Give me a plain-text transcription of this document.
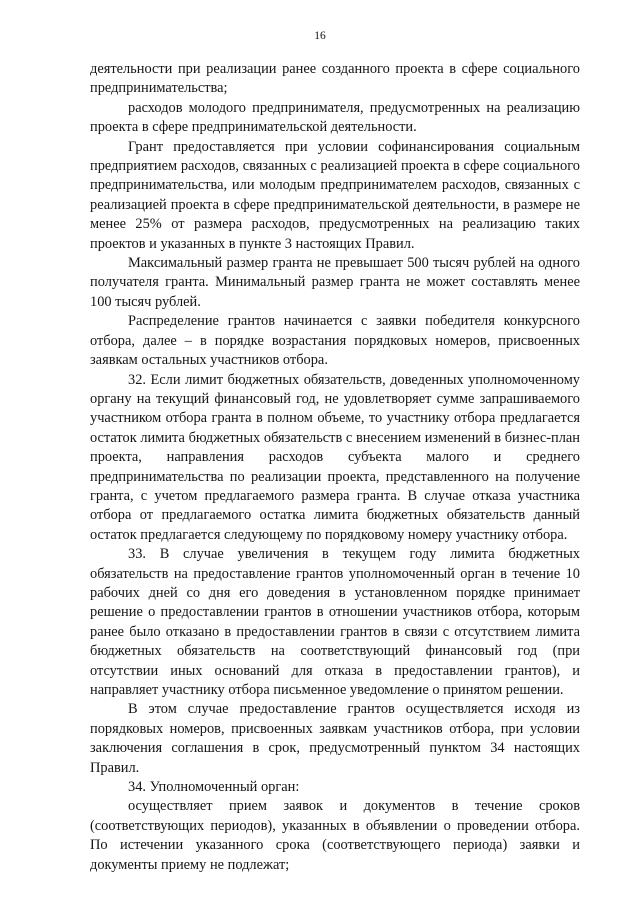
16

деятельности при реализации ранее созданного проекта в сфере социального предпринимательства;

расходов молодого предпринимателя, предусмотренных на реализацию проекта в сфере предпринимательской деятельности.

Грант предоставляется при условии софинансирования социальным предприятием расходов, связанных с реализацией проекта в сфере социального предпринимательства, или молодым предпринимателем расходов, связанных с реализацией проекта в сфере предпринимательской деятельности, в размере не менее 25% от размера расходов, предусмотренных на реализацию таких проектов и указанных в пункте 3 настоящих Правил.

Максимальный размер гранта не превышает 500 тысяч рублей на одного получателя гранта. Минимальный размер гранта не может составлять менее 100 тысяч рублей.

Распределение грантов начинается с заявки победителя конкурсного отбора, далее – в порядке возрастания порядковых номеров, присвоенных заявкам остальных участников отбора.

32. Если лимит бюджетных обязательств, доведенных уполномоченному органу на текущий финансовый год, не удовлетворяет сумме запрашиваемого участником отбора гранта в полном объеме, то участнику отбора предлагается остаток лимита бюджетных обязательств с внесением изменений в бизнес-план проекта, направления расходов субъекта малого и среднего предпринимательства по реализации проекта, представленного на получение гранта, с учетом предлагаемого размера гранта. В случае отказа участника отбора от предлагаемого остатка лимита бюджетных обязательств данный остаток предлагается следующему по порядковому номеру участнику отбора.

33. В случае увеличения в текущем году лимита бюджетных обязательств на предоставление грантов уполномоченный орган в течение 10 рабочих дней со дня его доведения в установленном порядке принимает решение о предоставлении грантов в отношении участников отбора, которым ранее было отказано в предоставлении грантов в связи с отсутствием лимита бюджетных обязательств на соответствующий финансовый год (при отсутствии иных оснований для отказа в предоставлении грантов), и направляет участнику отбора письменное уведомление о принятом решении.

В этом случае предоставление грантов осуществляется исходя из порядковых номеров, присвоенных заявкам участников отбора, при условии заключения соглашения в срок, предусмотренный пунктом 34 настоящих Правил.

34. Уполномоченный орган:

осуществляет прием заявок и документов в течение сроков (соответствующих периодов), указанных в объявлении о проведении отбора. По истечении указанного срока (соответствующего периода) заявки и документы приему не подлежат;
